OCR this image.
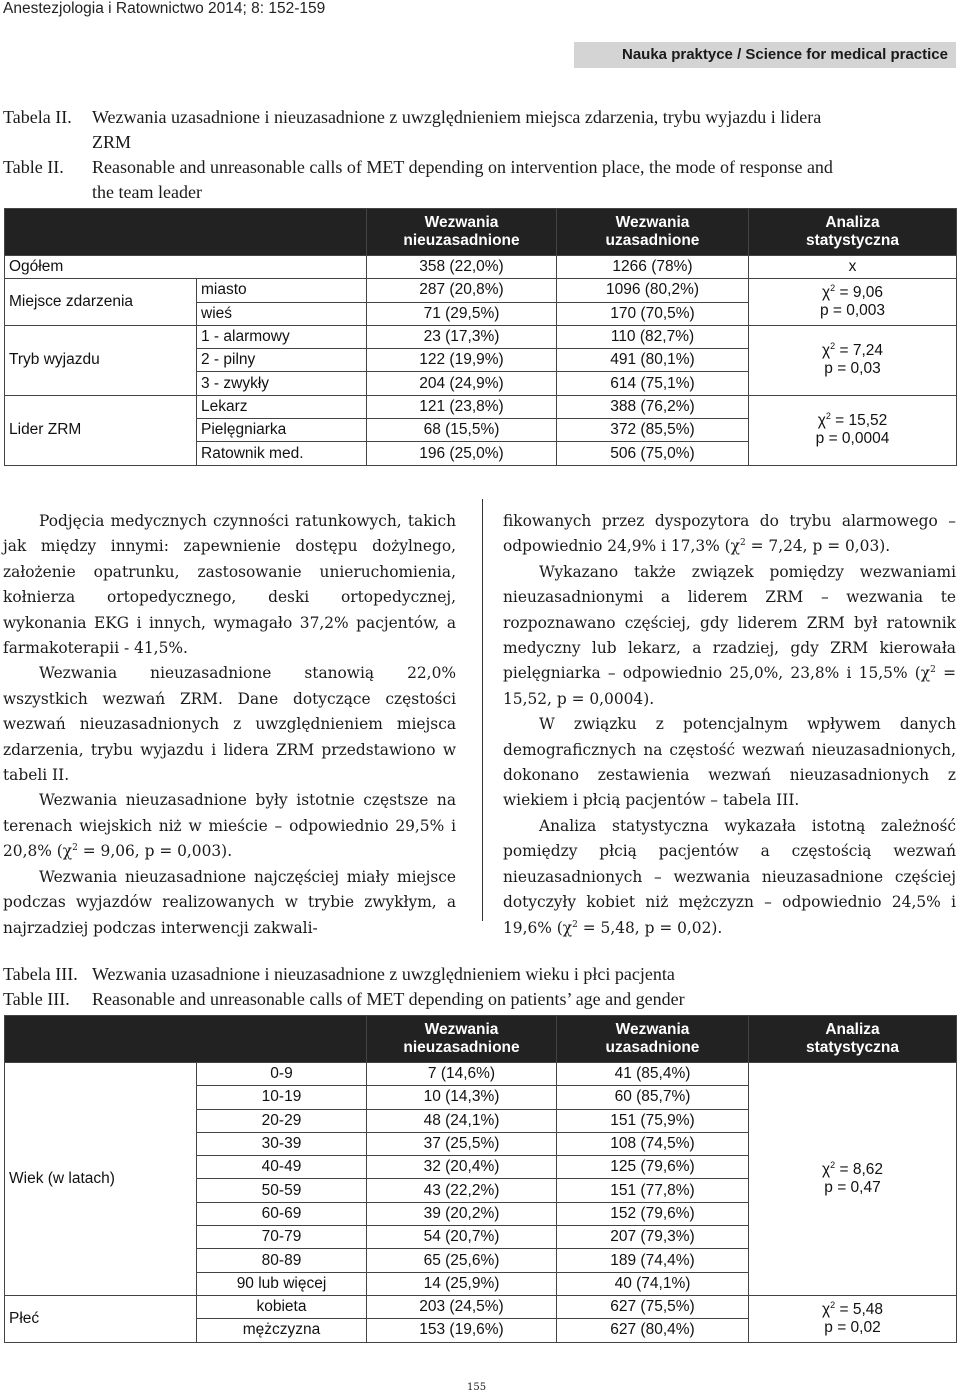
Anestezjologia i Ratownictwo 2014; 8: 152-159
Nauka praktyce / Science for medical practice
Tabela II. Wezwania uzasadnione i nieuzasadnione z uwzględnieniem miejsca zdarzenia, trybu wyjazdu i lidera
ZRM
Table II. Reasonable and unreasonable calls of MET depending on intervention place, the mode of response and
the team leader
		Wezwania
nieuzasadnione	Wezwania
uzasadnione	Analiza
statystyczna
Ogółem		358 (22,0%)	1266 (78%)	x
Miejsce zdarzenia	miasto	287 (20,8%)	1096 (80,2%)	$\chi^2 = 9,06$
p = 0,003
	wieś	71 (29,5%)	170 (70,5%)	
Tryb wyjazdu	1 - alarmowy	23 (17,3%)	110 (82,7%)	$\chi^2 = 7,24$
p = 0,03
	2 - pilny	122 (19,9%)	491 (80,1%)	
	3 - zwykły	204 (24,9%)	614 (75,1%)	
Lider ZRM	Lekarz	121 (23,8%)	388 (76,2%)	$\chi^2 = 15,52$
p = 0,0004
	Pielęgniarka	68 (15,5%)	372 (85,5%)	
	Ratownik med.	196 (25,0%)	506 (75,0%)	

Podjęcia medycznych czynności ratunkowych, takich jak między innymi: zapewnienie dostępu dożylnego, założenie opatrunku, zastosowanie unieruchomienia, kołnierza ortopedycznego, deski ortopedycznej, wykonania EKG i innych, wymagało 37,2% pacjentów, a farmakoterapii - 41,5%.

Wezwania nieuzasadnione stanowią 22,0% wszystkich wezwań ZRM. Dane dotyczące częstości wezwań nieuzasadnionych z uwzględnieniem miejsca zdarzenia, trybu wyjazdu i lidera ZRM przedstawiono w tabeli II.

Wezwania nieuzasadnione były istotnie częstsze na terenach wiejskich niż w mieście – odpowiednio 29,5% i 20,8% ($\chi^2 = 9,06$, p = 0,003).

Wezwania nieuzasadnione najczęściej miały miejsce podczas wyjazdów realizowanych w trybie zwykłym, a najrzadziej podczas interwencji zakwali-

fikowanych przez dyspozytora do trybu alarmowego – odpowiednio 24,9% i 17,3% ($\chi^2 = 7,24$, p = 0,03).

Wykazano także związek pomiędzy wezwaniami nieuzasadnionymi a liderem ZRM – wezwania te rozpoznawano częściej, gdy liderem ZRM był ratownik medyczny lub lekarz, a rzadziej, gdy ZRM kierowała pielęgniarka – odpowiednio 25,0%, 23,8% i 15,5% ($\chi^2 = 15,52$, p = 0,0004).

W związku z potencjalnym wpływem danych demograficznych na częstość wezwań nieuzasadnionych, dokonano zestawienia wezwań nieuzasadnionych z wiekiem i płcią pacjentów – tabela III.

Analiza statystyczna wykazała istotną zależność pomiędzy płcią pacjentów a częstością wezwań nieuzasadnionych – wezwania nieuzasadnione częściej dotyczyły kobiet niż mężczyzn – odpowiednio 24,5% i 19,6% ($\chi^2 = 5,48$, p = 0,02).

Tabela III. Wezwania uzasadnione i nieuzasadnione z uwzględnieniem wieku i płci pacjenta
Table III. Reasonable and unreasonable calls of MET depending on patients’ age and gender
		Wezwania
nieuzasadnione	Wezwania
uzasadnione	Analiza
statystyczna
Wiek (w latach)	0-9	7 (14,6%)	41 (85,4%)	$\chi^2 = 8,62$
p = 0,47
	10-19	10 (14,3%)	60 (85,7%)	
	20-29	48 (24,1%)	151 (75,9%)	
	30-39	37 (25,5%)	108 (74,5%)	
	40-49	32 (20,4%)	125 (79,6%)	
	50-59	43 (22,2%)	151 (77,8%)	
	60-69	39 (20,2%)	152 (79,6%)	
	70-79	54 (20,7%)	207 (79,3%)	
	80-89	65 (25,6%)	189 (74,4%)	
	90 lub więcej	14 (25,9%)	40 (74,1%)	
Płeć	kobieta	203 (24,5%)	627 (75,5%)	$\chi^2 = 5,48$
p = 0,02
	mężczyzna	153 (19,6%)	627 (80,4%)	
155
